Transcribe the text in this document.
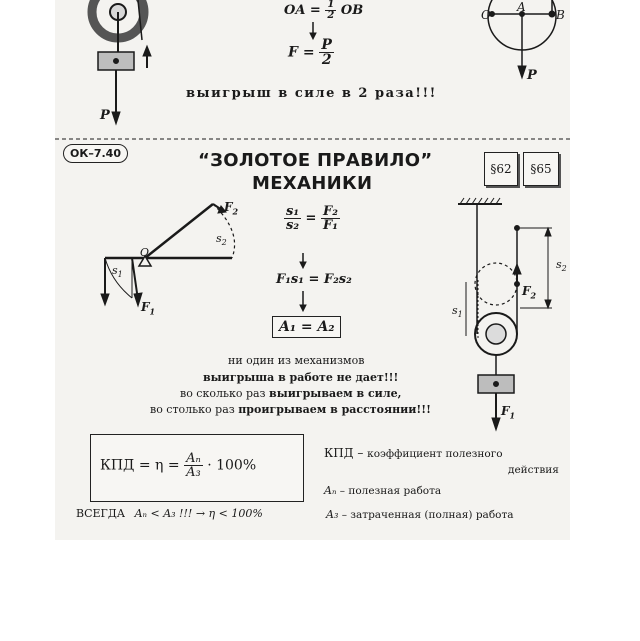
OA = $\frac{1}{2}$ OB
$F = \frac{P}{2}$
выигрыш в силе в 2 раза!!!
P
O
A
B
P
ОК–7.40	“ЗОЛОТОЕ ПРАВИЛО”
МЕХАНИКИ
§62	§65
$F_2$
$s_2$
O
$s_1$
$F_1$
$\frac{\text{s₁}}{\text{s₂}} = \frac{\text{F₂}}{\text{F₁}}$
F₁s₁ = F₂s₂
A₁ = A₂
$s_2$
$F_2$
$s_1$
$F_1$
ни один из механизмов
выигрыша в работе не дает!!!
во сколько раз выигрываем в силе,
во столько раз проигрываем в расстоянии!!!
КПД = $\eta = \frac{\text{Aₙ}}{\text{A₃}} \cdot 100\%$
КПД – коэффициент полезного
действия
Aₙ – полезная работа
ВСЕГДА Aₙ < A₃ !!! → η < 100%	A₃ – затраченная (полная) работа
